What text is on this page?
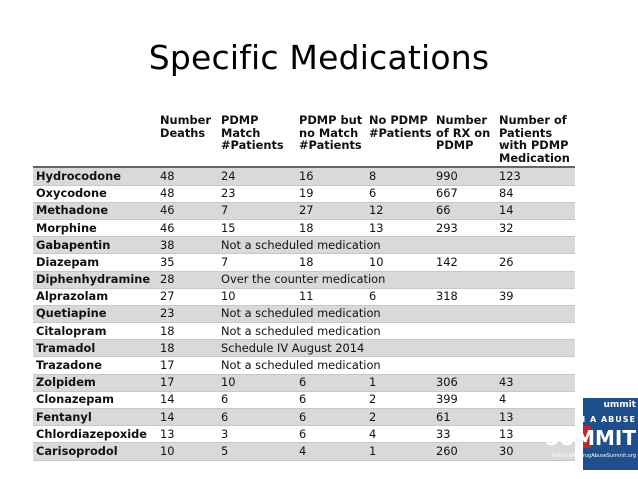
Specific Medications
	Number Deaths	PDMP Match #Patients	PDMP but no Match #Patients	No PDMP #Patients	Number of RX on PDMP	Number of Patients with PDMP Medication
Hydrocodone	48	24	16	8	990	123
Oxycodone	48	23	19	6	667	84
Methadone	46	7	27	12	66	14
Morphine	46	15	18	13	293	32
Gabapentin	38	Not a scheduled medication				
Diazepam	35	7	18	10	142	26
Diphenhydramine	28	Over the counter medication				
Alprazolam	27	10	11	6	318	39
Quetiapine	23	Not a scheduled medication				
Citalopram	18	Not a scheduled medication				
Tramadol	18	Schedule IV August 2014				
Trazadone	17	Not a scheduled medication				
Zolpidem	17	10	6	1	306	43
Clonazepam	14	6	6	2	399	4
Fentanyl	14	6	6	2	61	13
Chlordiazepoxide	13	3	6	4	33	13
Carisoprodol	10	5	4	1	260	30
ummit
N A ABUSE
SUMMIT
NationalRxDrugAbuseSummit.org
